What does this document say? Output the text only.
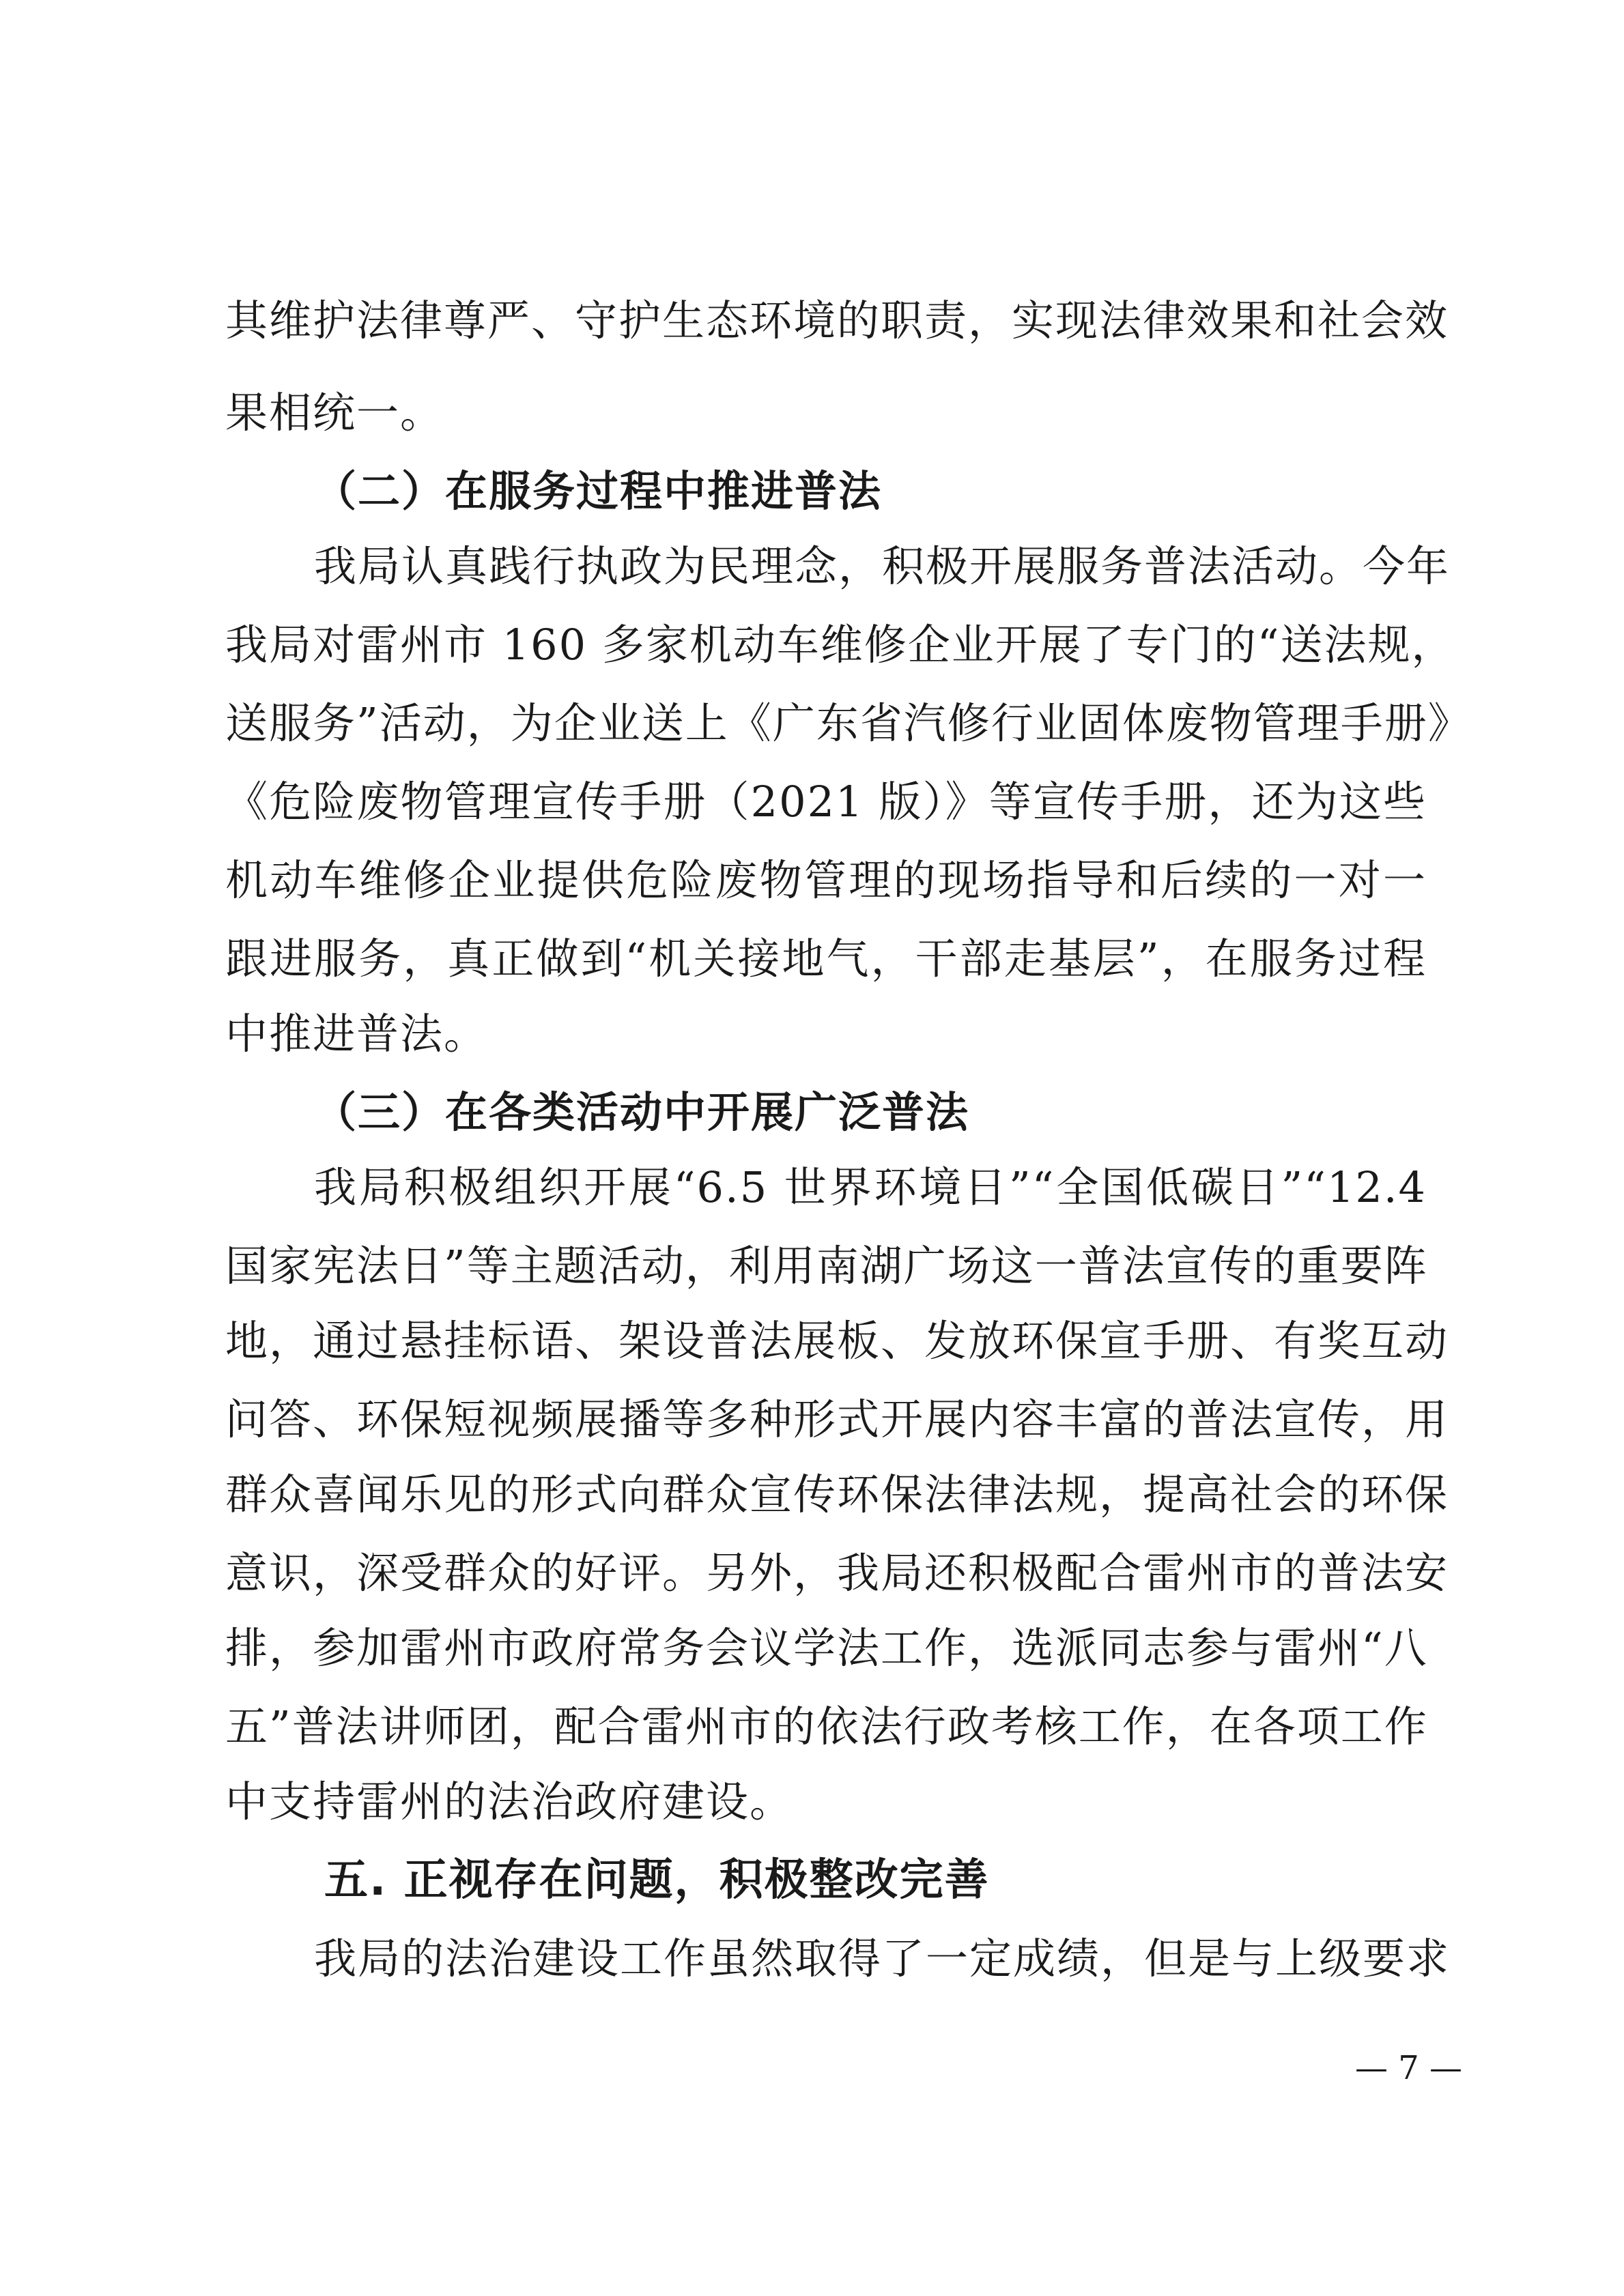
其维护法律尊严、守护生态环境的职责，实现法律效果和社会效
果相统一。
（二）在服务过程中推进普法
我局认真践行执政为民理念，积极开展服务普法活动。今年
我局对雷州市 160 多家机动车维修企业开展了专门的“送法规，
送服务”活动，为企业送上《广东省汽修行业固体废物管理手册》
《危险废物管理宣传手册（2021 版）》等宣传手册，还为这些
机动车维修企业提供危险废物管理的现场指导和后续的一对一
跟进服务，真正做到“机关接地气，干部走基层”，在服务过程
中推进普法。
（三）在各类活动中开展广泛普法
我局积极组织开展“6.5 世界环境日”“全国低碳日”“12.4
国家宪法日”等主题活动，利用南湖广场这一普法宣传的重要阵
地，通过悬挂标语、架设普法展板、发放环保宣手册、有奖互动
问答、环保短视频展播等多种形式开展内容丰富的普法宣传，用
群众喜闻乐见的形式向群众宣传环保法律法规，提高社会的环保
意识，深受群众的好评。另外，我局还积极配合雷州市的普法安
排，参加雷州市政府常务会议学法工作，选派同志参与雷州“八
五”普法讲师团，配合雷州市的依法行政考核工作，在各项工作
中支持雷州的法治政府建设。
五. 正视存在问题，积极整改完善
我局的法治建设工作虽然取得了一定成绩，但是与上级要求
— 7 —
